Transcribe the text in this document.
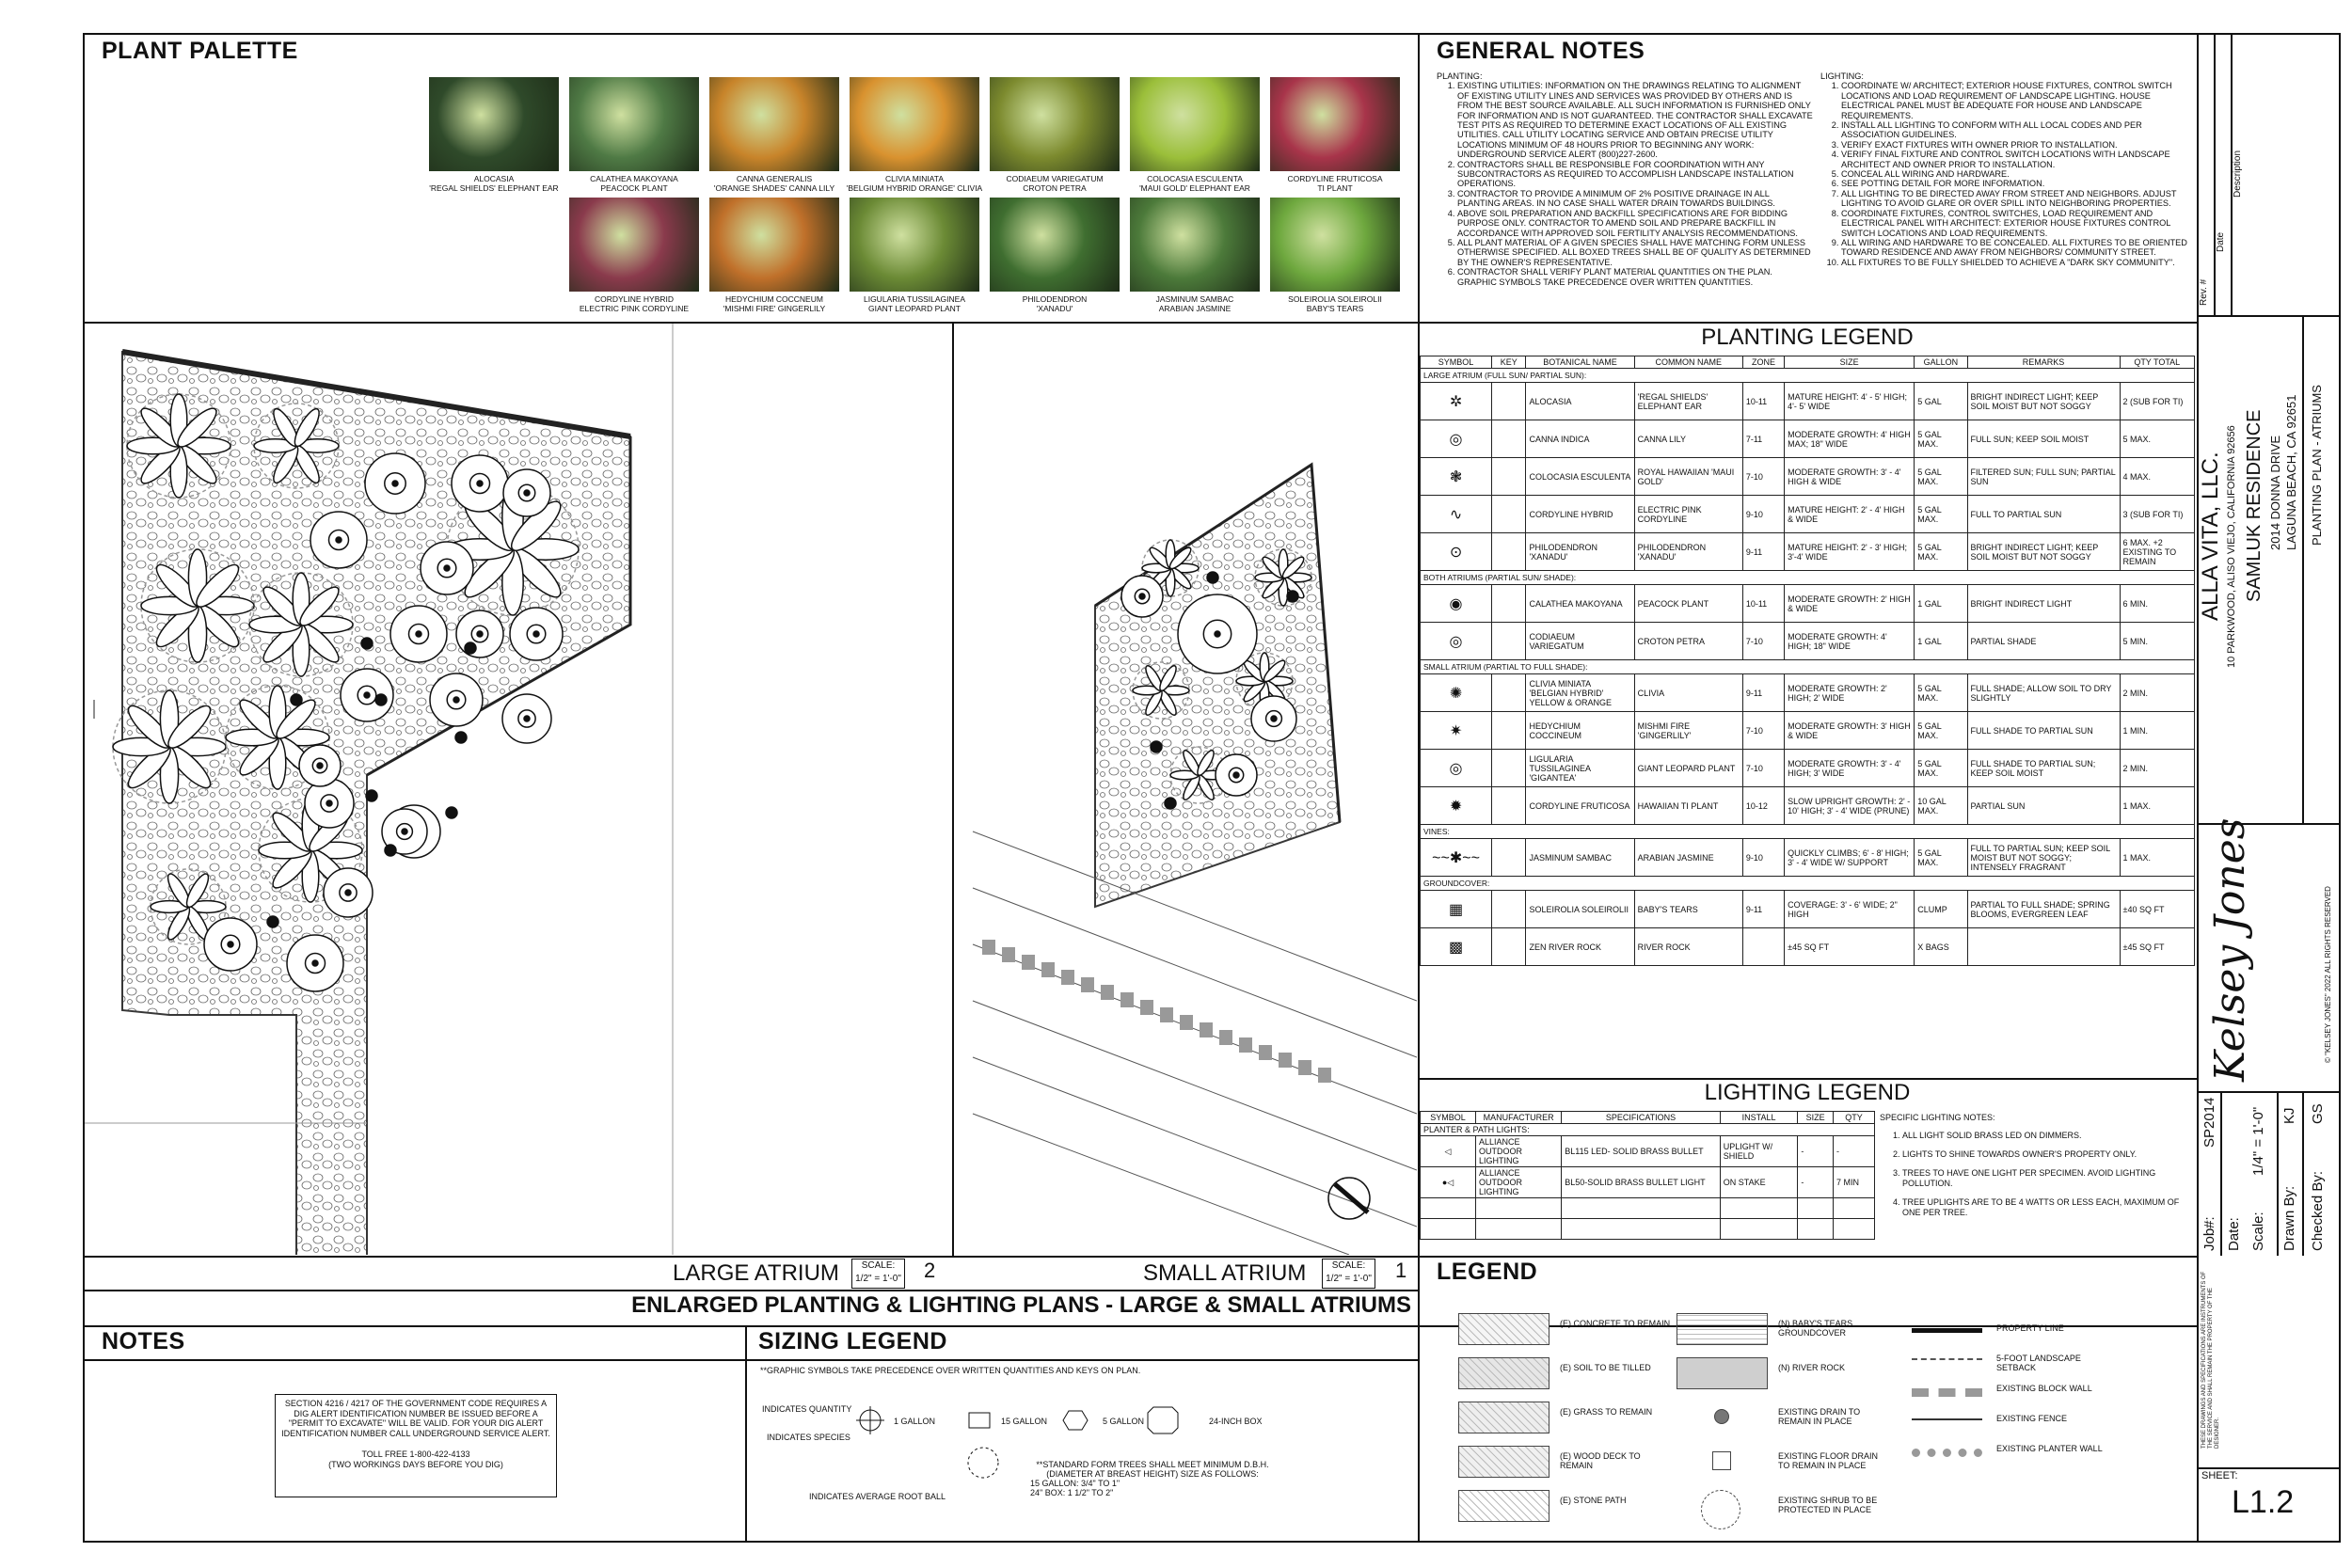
PLANT PALETTE
ALOCASIA
'REGAL SHIELDS' ELEPHANT EAR
CALATHEA MAKOYANA
PEACOCK PLANT
CANNA GENERALIS
'ORANGE SHADES' CANNA LILY
CLIVIA MINIATA
'BELGIUM HYBRID ORANGE' CLIVIA
CODIAEUM VARIEGATUM
CROTON PETRA
COLOCASIA ESCULENTA
'MAUI GOLD' ELEPHANT EAR
CORDYLINE FRUTICOSA
TI PLANT
CORDYLINE HYBRID
ELECTRIC PINK CORDYLINE
HEDYCHIUM COCCNEUM
'MISHMI FIRE' GINGERLILY
LIGULARIA TUSSILAGINEA
GIANT LEOPARD PLANT
PHILODENDRON
'XANADU'
JASMINUM SAMBAC
ARABIAN JASMINE
SOLEIROLIA SOLEIROLII
BABY'S TEARS
GENERAL NOTES
PLANTING:
1. EXISTING UTILITIES: INFORMATION ON THE DRAWINGS RELATING TO ALIGNMENT OF EXISTING UTILITY LINES AND SERVICES WAS PROVIDED BY OTHERS AND IS FROM THE BEST SOURCE AVAILABLE. ALL SUCH INFORMATION IS FURNISHED ONLY FOR INFORMATION AND IS NOT GUARANTEED. THE CONTRACTOR SHALL EXCAVATE TEST PITS AS REQUIRED TO DETERMINE EXACT LOCATIONS OF ALL EXISTING UTILITIES. CALL UTILITY LOCATING SERVICE AND OBTAIN PRECISE UTILITY LOCATIONS MINIMUM OF 48 HOURS PRIOR TO BEGINNING ANY WORK: UNDERGROUND SERVICE ALERT (800)227-2600.
2. CONTRACTORS SHALL BE RESPONSIBLE FOR COORDINATION WITH ANY SUBCONTRACTORS AS REQUIRED TO ACCOMPLISH LANDSCAPE INSTALLATION OPERATIONS.
3. CONTRACTOR TO PROVIDE A MINIMUM OF 2% POSITIVE DRAINAGE IN ALL PLANTING AREAS. IN NO CASE SHALL WATER DRAIN TOWARDS BUILDINGS.
4. ABOVE SOIL PREPARATION AND BACKFILL SPECIFICATIONS ARE FOR BIDDING PURPOSE ONLY. CONTRACTOR TO AMEND SOIL AND PREPARE BACKFILL IN ACCORDANCE WITH APPROVED SOIL FERTILITY ANALYSIS RECOMMENDATIONS.
5. ALL PLANT MATERIAL OF A GIVEN SPECIES SHALL HAVE MATCHING FORM UNLESS OTHERWISE SPECIFIED. ALL BOXED TREES SHALL BE OF QUALITY AS DETERMINED BY THE OWNER'S REPRESENTATIVE.
6. CONTRACTOR SHALL VERIFY PLANT MATERIAL QUANTITIES ON THE PLAN. GRAPHIC SYMBOLS TAKE PRECEDENCE OVER WRITTEN QUANTITIES.
LIGHTING:
1. COORDINATE W/ ARCHITECT; EXTERIOR HOUSE FIXTURES, CONTROL SWITCH LOCATIONS AND LOAD REQUIREMENT OF LANDSCAPE LIGHTING. HOUSE ELECTRICAL PANEL MUST BE ADEQUATE FOR HOUSE AND LANDSCAPE REQUIREMENTS.
2. INSTALL ALL LIGHTING TO CONFORM WITH ALL LOCAL CODES AND PER ASSOCIATION GUIDELINES.
3. VERIFY EXACT FIXTURES WITH OWNER PRIOR TO INSTALLATION.
4. VERIFY FINAL FIXTURE AND CONTROL SWITCH LOCATIONS WITH LANDSCAPE ARCHITECT AND OWNER PRIOR TO INSTALLATION.
5. CONCEAL ALL WIRING AND HARDWARE.
6. SEE POTTING DETAIL FOR MORE INFORMATION.
7. ALL LIGHTING TO BE DIRECTED AWAY FROM STREET AND NEIGHBORS. ADJUST LIGHTING TO AVOID GLARE OR OVER SPILL INTO NEIGHBORING PROPERTIES.
8. COORDINATE FIXTURES, CONTROL SWITCHES, LOAD REQUIREMENT AND ELECTRICAL PANEL WITH ARCHITECT: EXTERIOR HOUSE FIXTURES CONTROL SWITCH LOCATIONS AND LOAD REQUIREMENTS.
9. ALL WIRING AND HARDWARE TO BE CONCEALED. ALL FIXTURES TO BE ORIENTED TOWARD RESIDENCE AND AWAY FROM NEIGHBORS/ COMMUNITY STREET.
10. ALL FIXTURES TO BE FULLY SHIELDED TO ACHIEVE A "DARK SKY COMMUNITY".
PLANTING LEGEND
SYMBOL	KEY	BOTANICAL NAME	COMMON NAME	ZONE	SIZE	GALLON	REMARKS	QTY TOTAL
LARGE ATRIUM (FULL SUN/ PARTIAL SUN):								
✲		ALOCASIA	'REGAL SHIELDS' ELEPHANT EAR	10-11	MATURE HEIGHT: 4' - 5' HIGH; 4'- 5' WIDE	5 GAL	BRIGHT INDIRECT LIGHT; KEEP SOIL MOIST BUT NOT SOGGY	2 (SUB FOR TI)
◎		CANNA INDICA	CANNA LILY	7-11	MODERATE GROWTH: 4' HIGH MAX; 18" WIDE	5 GAL MAX.	FULL SUN; KEEP SOIL MOIST	5 MAX.
❃		COLOCASIA ESCULENTA	ROYAL HAWAIIAN 'MAUI GOLD'	7-10	MODERATE GROWTH: 3' - 4' HIGH & WIDE	5 GAL MAX.	FILTERED SUN; FULL SUN; PARTIAL SUN	4 MAX.
∿		CORDYLINE HYBRID	ELECTRIC PINK CORDYLINE	9-10	MATURE HEIGHT: 2' - 4' HIGH & WIDE	5 GAL MAX.	FULL TO PARTIAL SUN	3 (SUB FOR TI)
⊙		PHILODENDRON 'XANADU'	PHILODENDRON 'XANADU'	9-11	MATURE HEIGHT: 2' - 3' HIGH; 3'-4' WIDE	5 GAL MAX.	BRIGHT INDIRECT LIGHT; KEEP SOIL MOIST BUT NOT SOGGY	6 MAX. +2 EXISTING TO REMAIN
BOTH ATRIUMS (PARTIAL SUN/ SHADE):								
◉		CALATHEA MAKOYANA	PEACOCK PLANT	10-11	MODERATE GROWTH: 2' HIGH & WIDE	1 GAL	BRIGHT INDIRECT LIGHT	6 MIN.
◎		CODIAEUM VARIEGATUM	CROTON PETRA	7-10	MODERATE GROWTH: 4' HIGH; 18" WIDE	1 GAL	PARTIAL SHADE	5 MIN.
SMALL ATRIUM (PARTIAL TO FULL SHADE):								
✺		CLIVIA MINIATA 'BELGIAN HYBRID' YELLOW & ORANGE	CLIVIA	9-11	MODERATE GROWTH: 2' HIGH; 2' WIDE	5 GAL MAX.	FULL SHADE; ALLOW SOIL TO DRY SLIGHTLY	2 MIN.
✷		HEDYCHIUM COCCINEUM	MISHMI FIRE 'GINGERLILY'	7-10	MODERATE GROWTH: 3' HIGH & WIDE	5 GAL MAX.	FULL SHADE TO PARTIAL SUN	1 MIN.
◎		LIGULARIA TUSSILAGINEA 'GIGANTEA'	GIANT LEOPARD PLANT	7-10	MODERATE GROWTH: 3' - 4' HIGH; 3' WIDE	5 GAL MAX.	FULL SHADE TO PARTIAL SUN; KEEP SOIL MOIST	2 MIN.
✹		CORDYLINE FRUTICOSA	HAWAIIAN TI PLANT	10-12	SLOW UPRIGHT GROWTH: 2' - 10' HIGH; 3' - 4' WIDE (PRUNE)	10 GAL MAX.	PARTIAL SUN	1 MAX.
VINES:								
~~✱~~		JASMINUM SAMBAC	ARABIAN JASMINE	9-10	QUICKLY CLIMBS; 6' - 8' HIGH; 3' - 4' WIDE W/ SUPPORT	5 GAL MAX.	FULL TO PARTIAL SUN; KEEP SOIL MOIST BUT NOT SOGGY; INTENSELY FRAGRANT	1 MAX.
GROUNDCOVER:								
▦		SOLEIROLIA SOLEIROLII	BABY'S TEARS	9-11	COVERAGE: 3' - 6' WIDE; 2" HIGH	CLUMP	PARTIAL TO FULL SHADE; SPRING BLOOMS, EVERGREEN LEAF	±40 SQ FT
▩		ZEN RIVER ROCK	RIVER ROCK		±45 SQ FT	X BAGS		±45 SQ FT
LIGHTING LEGEND
SYMBOL	MANUFACTURER	SPECIFICATIONS	INSTALL	SIZE	QTY
PLANTER & PATH LIGHTS:					
◁	ALLIANCE OUTDOOR LIGHTING	BL115 LED- SOLID BRASS BULLET	UPLIGHT W/ SHIELD	-	-
●◁	ALLIANCE OUTDOOR LIGHTING	BL50-SOLID BRASS BULLET LIGHT	ON STAKE	-	7 MIN

SPECIFIC LIGHTING NOTES:
1. ALL LIGHT SOLID BRASS LED ON DIMMERS.
2. LIGHTS TO SHINE TOWARDS OWNER'S PROPERTY ONLY.
3. TREES TO HAVE ONE LIGHT PER SPECIMEN. AVOID LIGHTING POLLUTION.
4. TREE UPLIGHTS ARE TO BE 4 WATTS OR LESS EACH, MAXIMUM OF ONE PER TREE.
LARGE ATRIUM	SCALE:
1/2" = 1'-0" 2	SMALL ATRIUM	SCALE:
1/2" = 1'-0" 1
ENLARGED PLANTING & LIGHTING PLANS - LARGE & SMALL ATRIUMS
NOTES
SECTION 4216 / 4217 OF THE GOVERNMENT CODE REQUIRES A DIG ALERT IDENTIFICATION NUMBER BE ISSUED BEFORE A "PERMIT TO EXCAVATE" WILL BE VALID. FOR YOUR DIG ALERT IDENTIFICATION NUMBER CALL UNDERGROUND SERVICE ALERT.
TOLL FREE 1-800-422-4133
(TWO WORKINGS DAYS BEFORE YOU DIG)
SIZING LEGEND
**GRAPHIC SYMBOLS TAKE PRECEDENCE OVER WRITTEN QUANTITIES AND KEYS ON PLAN.
INDICATES QUANTITY
INDICATES SPECIES
INDICATES AVERAGE ROOT BALL
1 GALLON	15 GALLON	5 GALLON	24-INCH BOX
**STANDARD FORM TREES SHALL MEET MINIMUM D.B.H.
(DIAMETER AT BREAST HEIGHT) SIZE AS FOLLOWS:
15 GALLON: 3/4" TO 1"
24" BOX: 1 1/2" TO 2"
LEGEND
(E) CONCRETE TO REMAIN
(E) SOIL TO BE TILLED
(E) GRASS TO REMAIN
(E) WOOD DECK TO REMAIN
(E) STONE PATH
(N) BABY'S TEARS GROUNDCOVER
(N) RIVER ROCK
EXISTING DRAIN TO REMAIN IN PLACE
EXISTING FLOOR DRAIN TO REMAIN IN PLACE
EXISTING SHRUB TO BE PROTECTED IN PLACE
PROPERTY LINE
5-FOOT LANDSCAPE SETBACK
EXISTING BLOCK WALL
EXISTING FENCE
EXISTING PLANTER WALL
Rev. #
Date
Description
ALLA VITA, LLC. 10 PARKWOOD, ALISO VIEJO, CALIFORNIA 92656 SAMLUK RESIDENCE 2014 DONNA DRIVE LAGUNA BEACH, CA 92651 PLANTING PLAN - ATRIUMS
Kelsey Jones	© "KELSEY JONES" 2022 ALL RIGHTS RESERVED
Job#:
SP2014
Date: Scale:
1/4" = 1'-0"
Drawn By:
KJ
Checked By:
GS
THESE DRAWINGS AND SPECIFICATIONS ARE INSTRUMENTS OF THE SERVICE AND SHALL REMAIN THE PROPERTY OF THE DESIGNER.
SHEET:
L1.2
